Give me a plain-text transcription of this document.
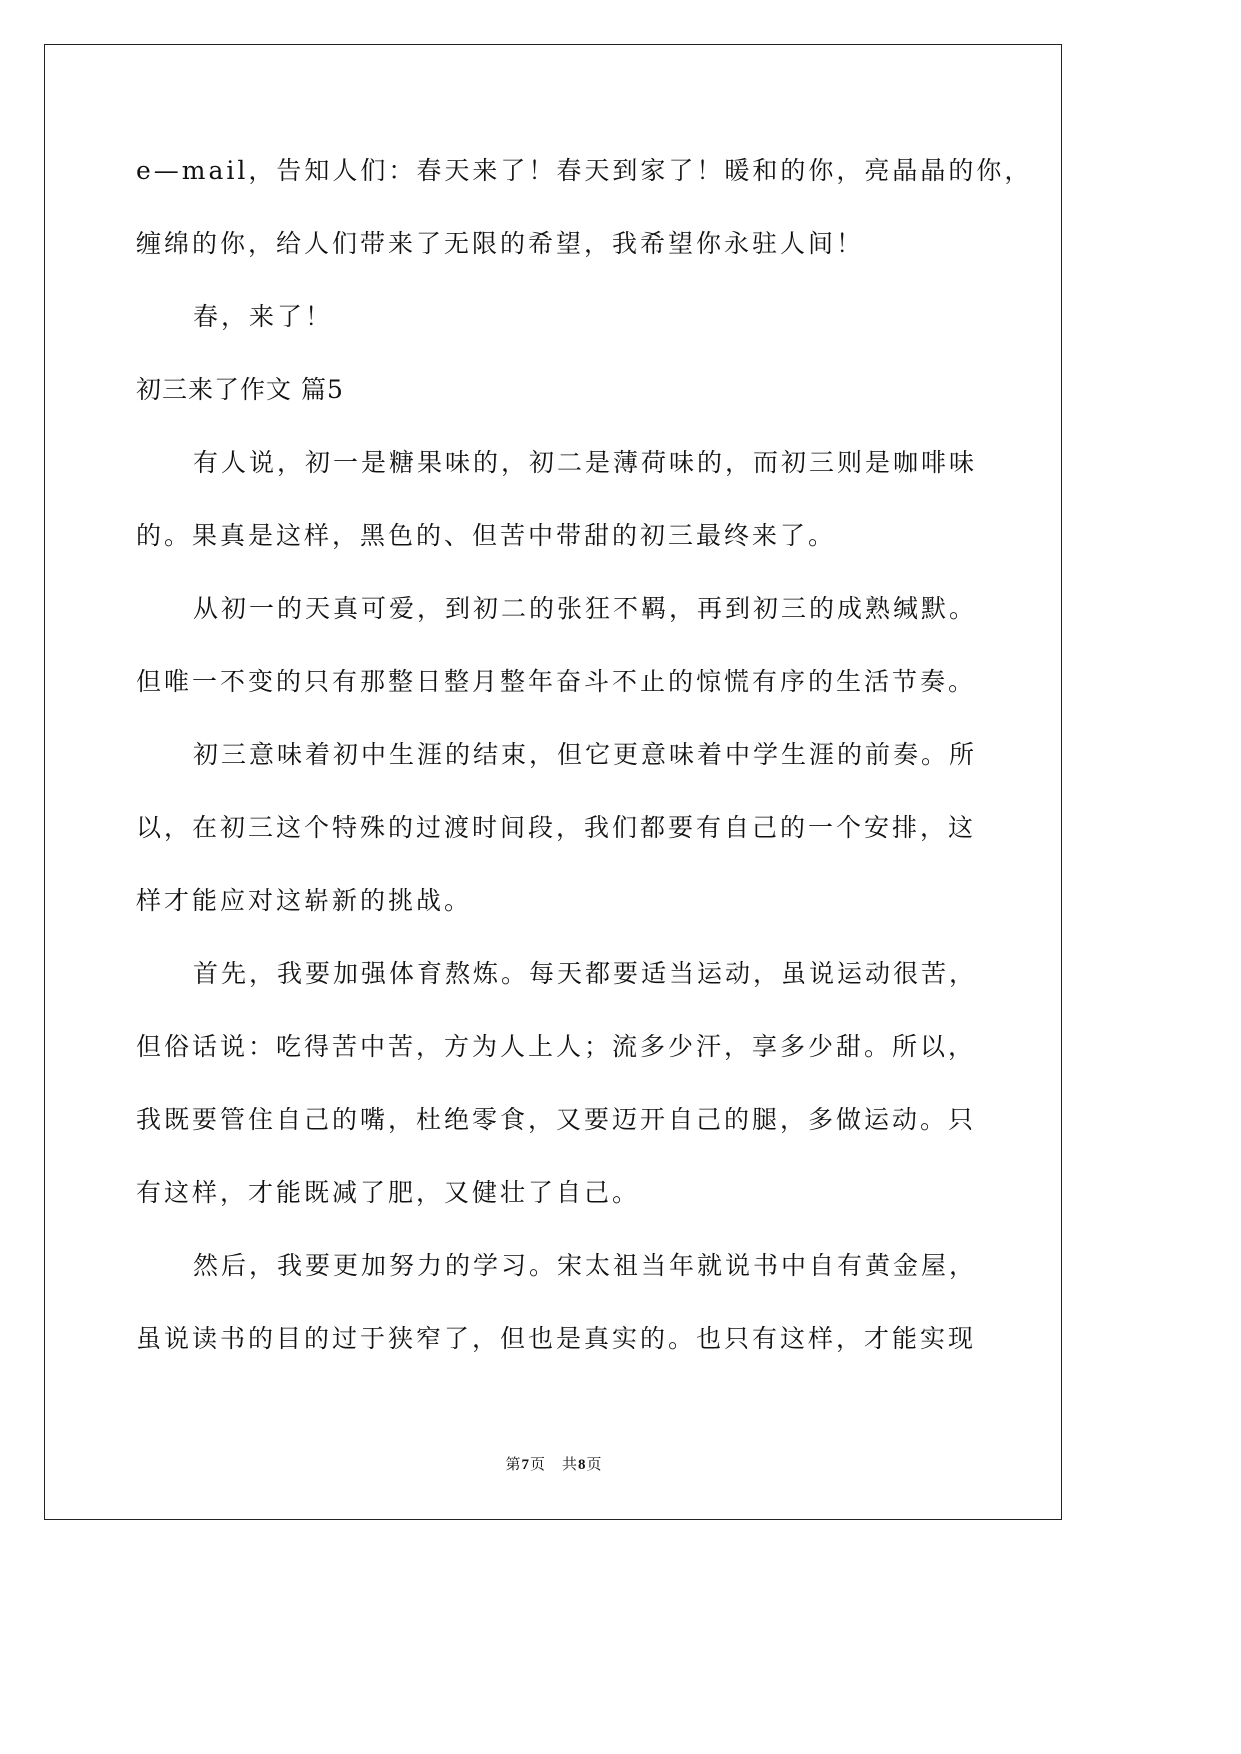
e—mail，告知人们：春天来了！春天到家了！暖和的你，亮晶晶的你，
缠绵的你，给人们带来了无限的希望，我希望你永驻人间！
春，来了！
初三来了作文 篇5
有人说，初一是糖果味的，初二是薄荷味的，而初三则是咖啡味
的。果真是这样，黑色的、但苦中带甜的初三最终来了。
从初一的天真可爱，到初二的张狂不羁，再到初三的成熟缄默。
但唯一不变的只有那整日整月整年奋斗不止的惊慌有序的生活节奏。
初三意味着初中生涯的结束，但它更意味着中学生涯的前奏。所
以，在初三这个特殊的过渡时间段，我们都要有自己的一个安排，这
样才能应对这崭新的挑战。
首先，我要加强体育熬炼。每天都要适当运动，虽说运动很苦，
但俗话说：吃得苦中苦，方为人上人；流多少汗，享多少甜。所以，
我既要管住自己的嘴，杜绝零食，又要迈开自己的腿，多做运动。只
有这样，才能既减了肥，又健壮了自己。
然后，我要更加努力的学习。宋太祖当年就说书中自有黄金屋，
虽说读书的目的过于狭窄了，但也是真实的。也只有这样，才能实现
第7页　共8页
